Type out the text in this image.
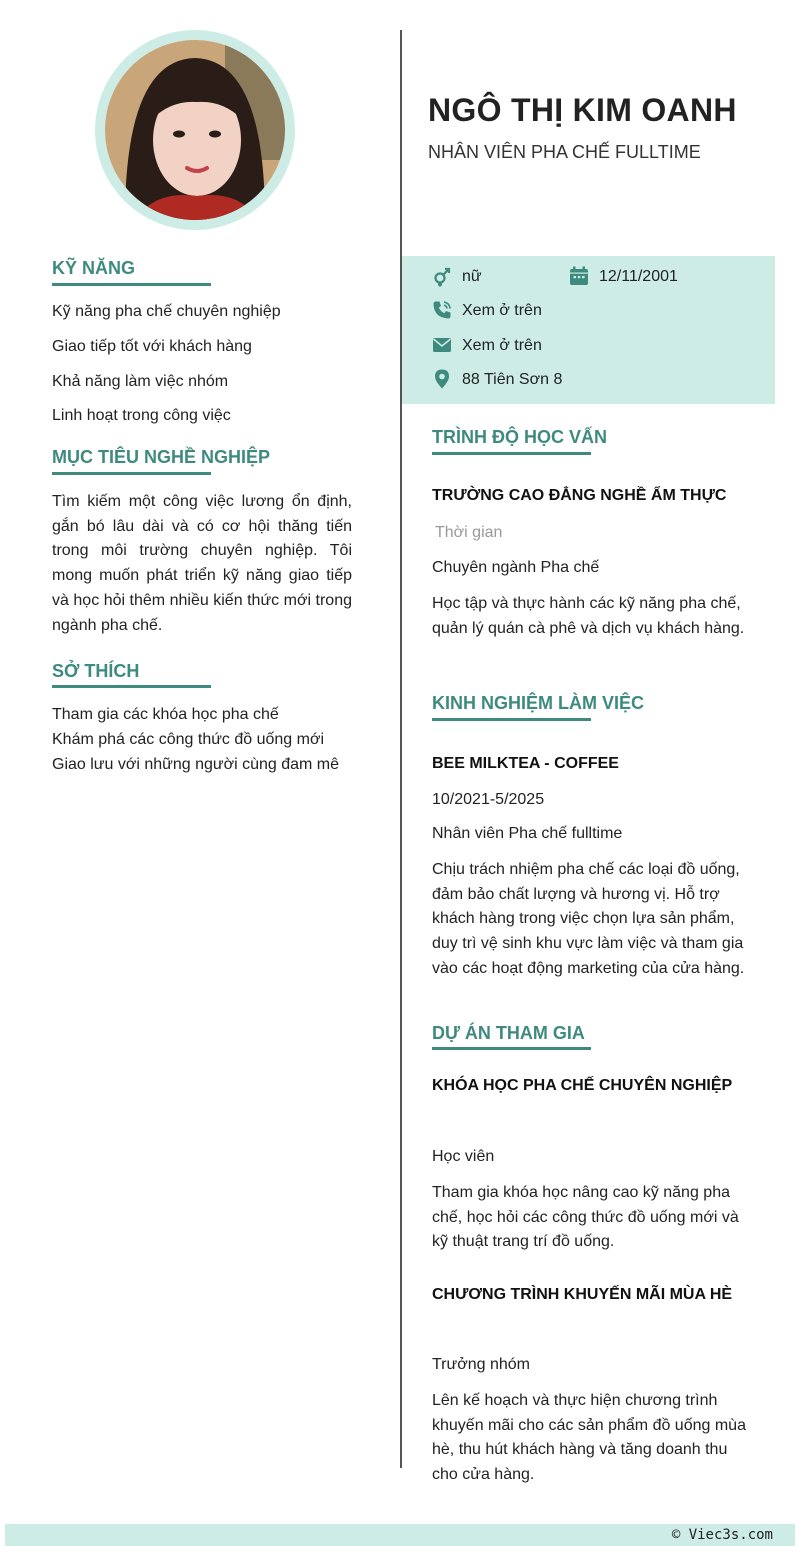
KỸ NĂNG
Kỹ năng pha chế chuyên nghiệp
Giao tiếp tốt với khách hàng
Khả năng làm việc nhóm
Linh hoạt trong công việc
MỤC TIÊU NGHỀ NGHIỆP
Tìm kiếm một công việc lương ổn định, gắn bó lâu dài và có cơ hội thăng tiến trong môi trường chuyên nghiệp. Tôi mong muốn phát triển kỹ năng giao tiếp và học hỏi thêm nhiều kiến thức mới trong ngành pha chế.
SỞ THÍCH
Tham gia các khóa học pha chế
Khám phá các công thức đồ uống mới
Giao lưu với những người cùng đam mê
NGÔ THỊ KIM OANH
NHÂN VIÊN PHA CHẾ FULLTIME
nữ	12/11/2001
Xem ở trên
Xem ở trên
88 Tiên Sơn 8
TRÌNH ĐỘ HỌC VẤN
TRƯỜNG CAO ĐẲNG NGHỀ ẨM THỰC
Thời gian
Chuyên ngành Pha chế
Học tập và thực hành các kỹ năng pha chế, quản lý quán cà phê và dịch vụ khách hàng.
KINH NGHIỆM LÀM VIỆC
BEE MILKTEA - COFFEE
10/2021-5/2025
Nhân viên Pha chế fulltime
Chịu trách nhiệm pha chế các loại đồ uống, đảm bảo chất lượng và hương vị. Hỗ trợ khách hàng trong việc chọn lựa sản phẩm, duy trì vệ sinh khu vực làm việc và tham gia vào các hoạt động marketing của cửa hàng.
DỰ ÁN THAM GIA
KHÓA HỌC PHA CHẾ CHUYÊN NGHIỆP
Học viên
Tham gia khóa học nâng cao kỹ năng pha chế, học hỏi các công thức đồ uống mới và kỹ thuật trang trí đồ uống.
CHƯƠNG TRÌNH KHUYẾN MÃI MÙA HÈ
Trưởng nhóm
Lên kế hoạch và thực hiện chương trình khuyến mãi cho các sản phẩm đồ uống mùa hè, thu hút khách hàng và tăng doanh thu cho cửa hàng.
© Viec3s.com
